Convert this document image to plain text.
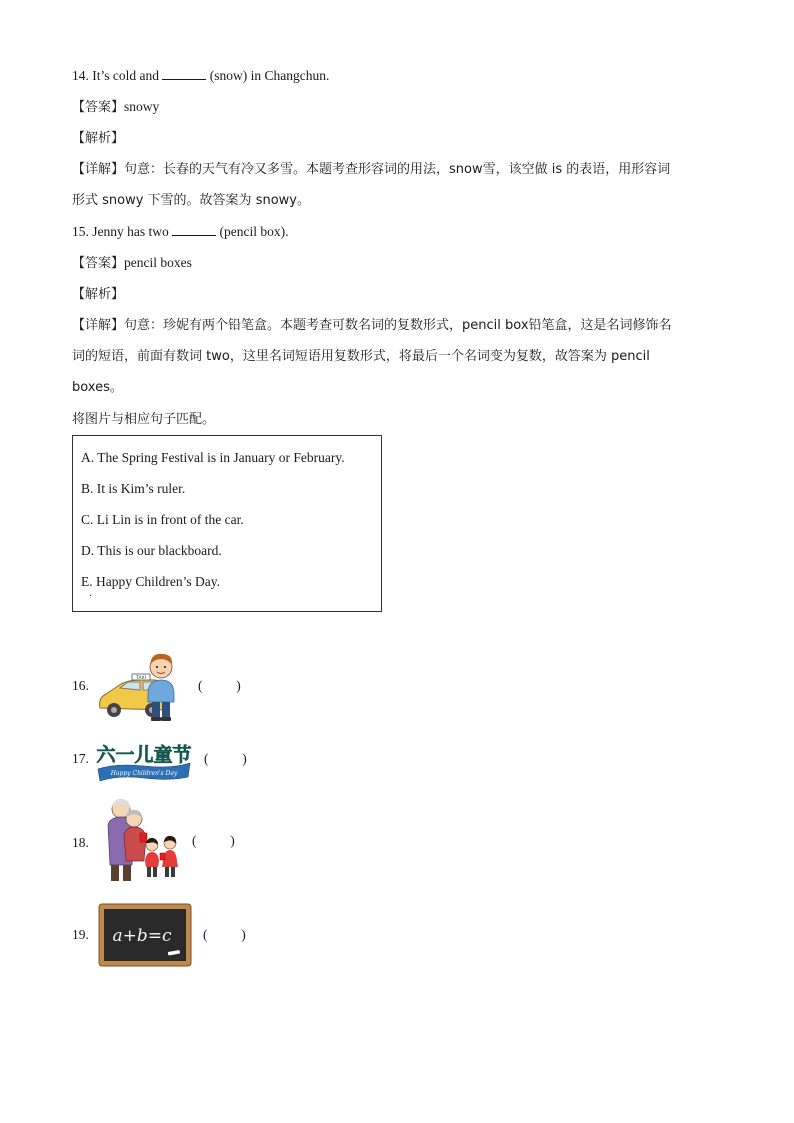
14. It’s cold and	(snow) in Changchun.
【答案】snowy
【解析】
【详解】句意：长春的天气有冷又多雪。本题考查形容词的用法，snow雪，该空做 is 的表语，用形容词
形式 snowy 下雪的。故答案为 snowy。
15. Jenny has two	(pencil box).
【答案】pencil boxes
【解析】
【详解】句意：珍妮有两个铅笔盒。本题考查可数名词的复数形式，pencil box铅笔盒，这是名词修饰名
词的短语，前面有数词 two，这里名词短语用复数形式，将最后一个名词变为复数，故答案为 pencil
boxes。
将图片与相应句子匹配。
A. The Spring Festival is in January or February.
B. It is Kim’s ruler.
C. Li Lin is in front of the car.
D. This is our blackboard.
E. Happy Children’s Day.
·
16.	TAXI	(          )
17. 六一儿童节
Happy Children's Day
(          )
18.	(          )
19. a+b=c (          )
